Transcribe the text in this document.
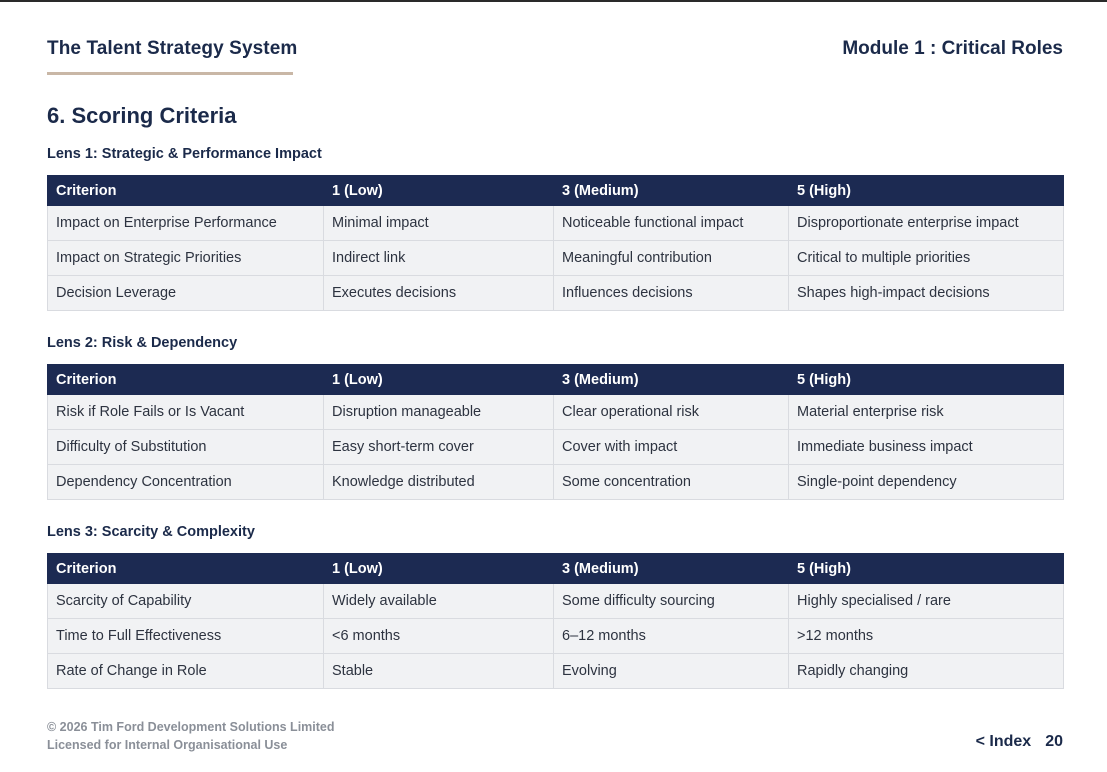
The Talent Strategy System	Module 1 : Critical Roles
6. Scoring Criteria
Lens 1: Strategic & Performance Impact
Criterion	1 (Low)	3 (Medium)	5 (High)
Impact on Enterprise Performance	Minimal impact	Noticeable functional impact	Disproportionate enterprise impact
Impact on Strategic Priorities	Indirect link	Meaningful contribution	Critical to multiple priorities
Decision Leverage	Executes decisions	Influences decisions	Shapes high-impact decisions
Lens 2: Risk & Dependency
Criterion	1 (Low)	3 (Medium)	5 (High)
Risk if Role Fails or Is Vacant	Disruption manageable	Clear operational risk	Material enterprise risk
Difficulty of Substitution	Easy short-term cover	Cover with impact	Immediate business impact
Dependency Concentration	Knowledge distributed	Some concentration	Single-point dependency
Lens 3: Scarcity & Complexity
Criterion	1 (Low)	3 (Medium)	5 (High)
Scarcity of Capability	Widely available	Some difficulty sourcing	Highly specialised / rare
Time to Full Effectiveness	<6 months	6–12 months	>12 months
Rate of Change in Role	Stable	Evolving	Rapidly changing
© 2026 Tim Ford Development Solutions Limited
Licensed for Internal Organisational Use	< Index 20
